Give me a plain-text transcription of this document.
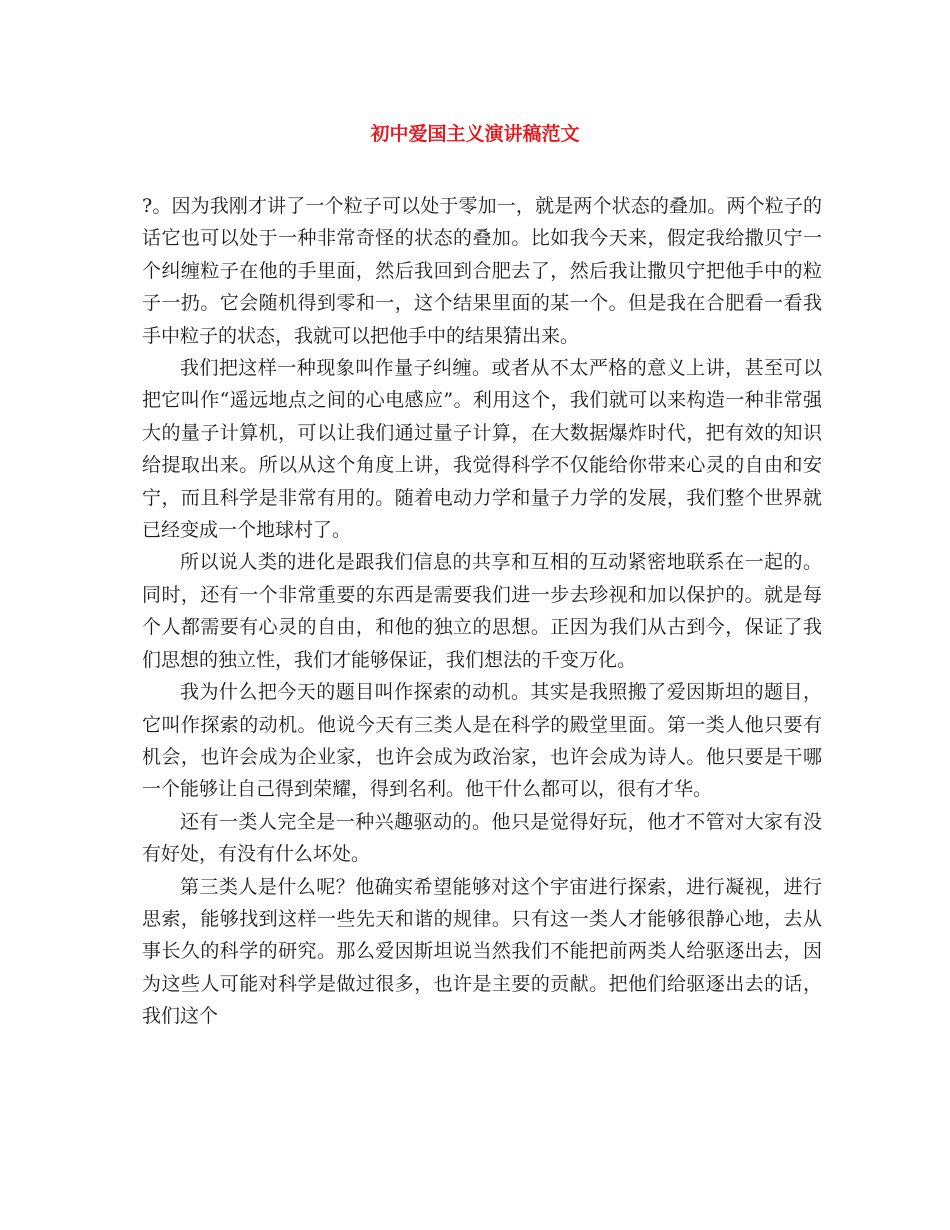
初中爱国主义演讲稿范文

?。因为我刚才讲了一个粒子可以处于零加一，就是两个状态的叠加。两个粒子的话它也可以处于一种非常奇怪的状态的叠加。比如我今天来，假定我给撒贝宁一个纠缠粒子在他的手里面，然后我回到合肥去了，然后我让撒贝宁把他手中的粒子一扔。它会随机得到零和一，这个结果里面的某一个。但是我在合肥看一看我手中粒子的状态，我就可以把他手中的结果猜出来。

我们把这样一种现象叫作量子纠缠。或者从不太严格的意义上讲，甚至可以把它叫作“遥远地点之间的心电感应”。利用这个，我们就可以来构造一种非常强大的量子计算机，可以让我们通过量子计算，在大数据爆炸时代，把有效的知识给提取出来。所以从这个角度上讲，我觉得科学不仅能给你带来心灵的自由和安宁，而且科学是非常有用的。随着电动力学和量子力学的发展，我们整个世界就已经变成一个地球村了。

所以说人类的进化是跟我们信息的共享和互相的互动紧密地联系在一起的。同时，还有一个非常重要的东西是需要我们进一步去珍视和加以保护的。就是每个人都需要有心灵的自由，和他的独立的思想。正因为我们从古到今，保证了我们思想的独立性，我们才能够保证，我们想法的千变万化。

我为什么把今天的题目叫作探索的动机。其实是我照搬了爱因斯坦的题目，它叫作探索的动机。他说今天有三类人是在科学的殿堂里面。第一类人他只要有机会，也许会成为企业家，也许会成为政治家，也许会成为诗人。他只要是干哪一个能够让自己得到荣耀，得到名利。他干什么都可以，很有才华。

还有一类人完全是一种兴趣驱动的。他只是觉得好玩，他才不管对大家有没有好处，有没有什么坏处。

第三类人是什么呢？他确实希望能够对这个宇宙进行探索，进行凝视，进行思索，能够找到这样一些先天和谐的规律。只有这一类人才能够很静心地，去从事长久的科学的研究。那么爱因斯坦说当然我们不能把前两类人给驱逐出去，因为这些人可能对科学是做过很多，也许是主要的贡献。把他们给驱逐出去的话，我们这个
